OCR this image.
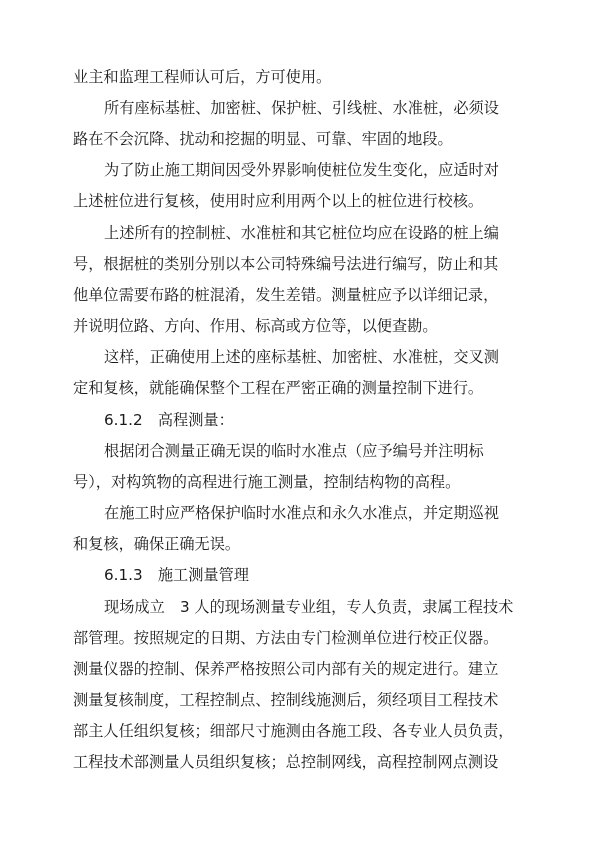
业主和监理工程师认可后，方可使用。
所有座标基桩、加密桩、保护桩、引线桩、水准桩，必须设
路在不会沉降、扰动和挖掘的明显、可靠、牢固的地段。
为了防止施工期间因受外界影响使桩位发生变化，应适时对
上述桩位进行复核，使用时应利用两个以上的桩位进行校核。
上述所有的控制桩、水准桩和其它桩位均应在设路的桩上编
号，根据桩的类别分别以本公司特殊编号法进行编写，防止和其
他单位需要布路的桩混淆，发生差错。测量桩应予以详细记录，
并说明位路、方向、作用、标高或方位等，以便查勘。
这样，正确使用上述的座标基桩、加密桩、水准桩，交叉测
定和复核，就能确保整个工程在严密正确的测量控制下进行。
6.1.2　高程测量：
根据闭合测量正确无误的临时水准点（应予编号并注明标
号），对构筑物的高程进行施工测量，控制结构物的高程。
在施工时应严格保护临时水准点和永久水准点，并定期巡视
和复核，确保正确无误。
6.1.3　施工测量管理
现场成立　3 人的现场测量专业组，专人负责，隶属工程技术
部管理。按照规定的日期、方法由专门检测单位进行校正仪器。
测量仪器的控制、保养严格按照公司内部有关的规定进行。建立
测量复核制度，工程控制点、控制线施测后，须经项目工程技术
部主人任组织复核；细部尺寸施测由各施工段、各专业人员负责，
工程技术部测量人员组织复核；总控制网线，高程控制网点测设
